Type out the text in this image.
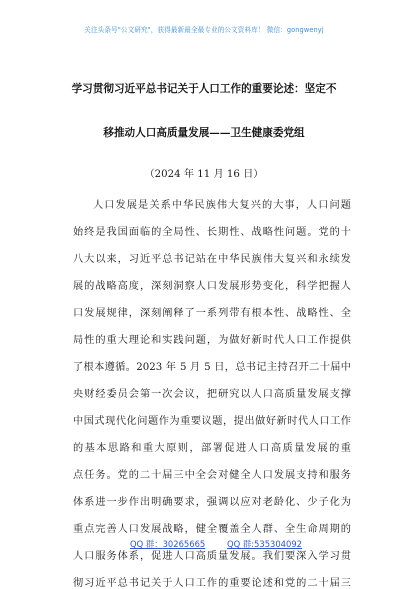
关注头条号"公文研究"，获得最新最全最专业的公文资料库！ 微信：gongwenyj
学习贯彻习近平总书记关于人口工作的重要论述：坚定不
移推动人口高质量发展——卫生健康委党组
（2024 年 11 月 16 日）
人口发展是关系中华民族伟大复兴的大事，人口问题
始终是我国面临的全局性、长期性、战略性问题。党的十
八大以来，习近平总书记站在中华民族伟大复兴和永续发
展的战略高度，深刻洞察人口发展形势变化，科学把握人
口发展规律，深刻阐释了一系列带有根本性、战略性、全
局性的重大理论和实践问题，为做好新时代人口工作提供
了根本遵循。2023 年 5 月 5 日，总书记主持召开二十届中
央财经委员会第一次会议，把研究以人口高质量发展支撑
中国式现代化问题作为重要议题，提出做好新时代人口工作
的基本思路和重大原则，部署促进人口高质量发展的重
点任务。党的二十届三中全会对健全人口发展支持和服务
体系进一步作出明确要求，强调以应对老龄化、少子化为
重点完善人口发展战略，健全覆盖全人群、全生命周期的
人口服务体系，促进人口高质量发展。我们要深入学习贯
彻习近平总书记关于人口工作的重要论述和党的二十届三
QQ 群：30265665	QQ 群:535304092
